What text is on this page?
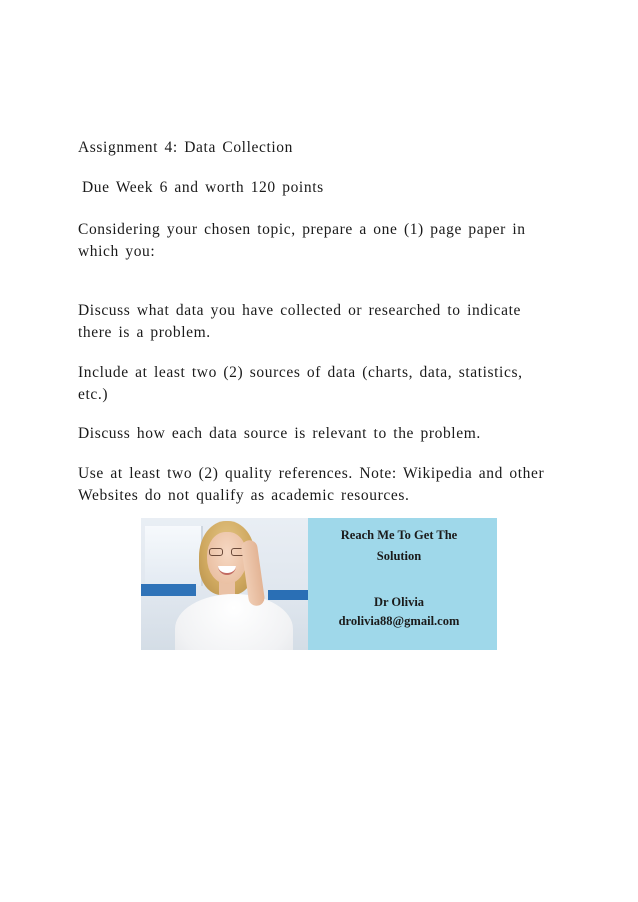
Assignment 4: Data Collection

Due Week 6 and worth 120 points

Considering your chosen topic, prepare a one (1) page paper in which you:

Discuss what data you have collected or researched to indicate there is a problem.

Include at least two (2) sources of data (charts, data, statistics, etc.)

Discuss how each data source is relevant to the problem.

Use at least two (2) quality references. Note: Wikipedia and other Websites do not qualify as academic resources.

Reach Me To Get The
Solution
Dr Olivia
drolivia88@gmail.com
